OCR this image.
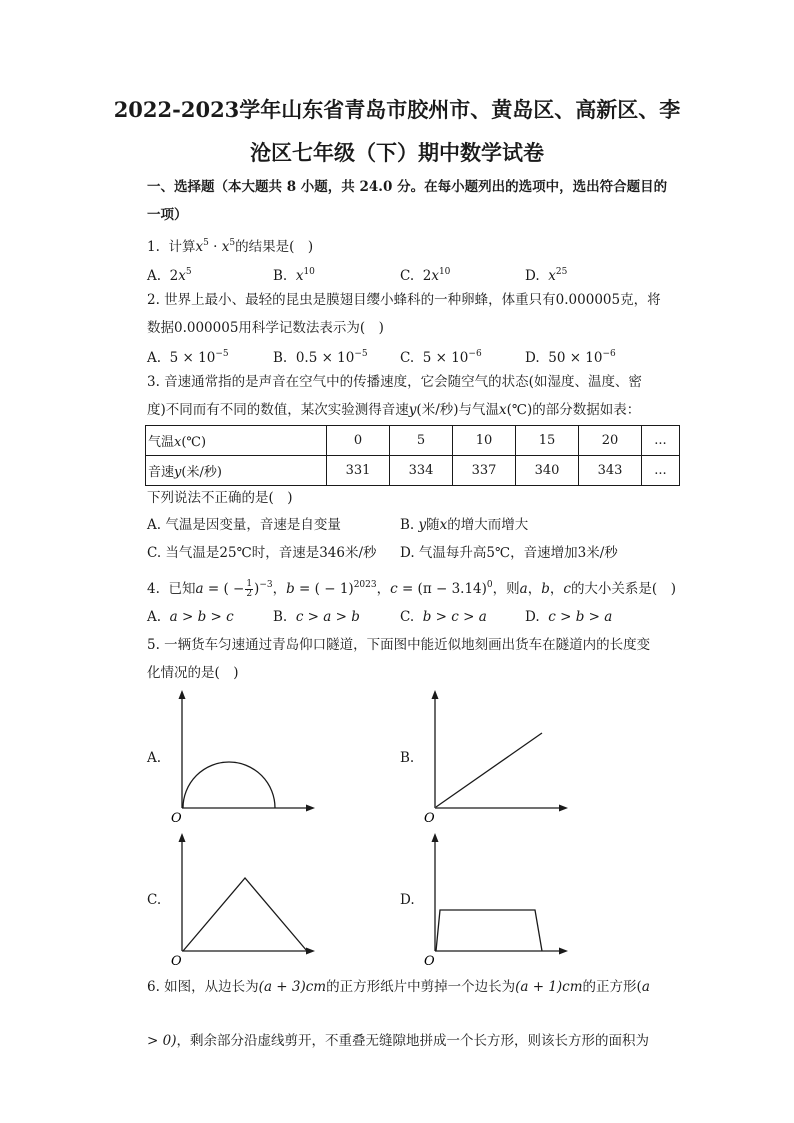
2022-2023学年山东省青岛市胶州市、黄岛区、高新区、李
沧区七年级（下）期中数学试卷
一、选择题（本大题共 8 小题，共 24.0 分。在每小题列出的选项中，选出符合题目的
一项）
1. 计算$x^5 \cdot x^5$的结果是(　)
A. $2x^5$	B. $x^{10}$	C. $2x^{10}$	D. $x^{25}$
2. 世界上最小、最轻的昆虫是膜翅目缨小蜂科的一种卵蜂，体重只有0.000005克，将
数据0.000005用科学记数法表示为(　)
A. $5 \times 10^{-5}$	B. $0.5 \times 10^{-5}$ C. $5 \times 10^{-6}$	D. $50 \times 10^{-6}$
3. 音速通常指的是声音在空气中的传播速度，它会随空气的状态(如湿度、温度、密
度)不同而有不同的数值，某次实验测得音速y(米/秒)与气温x(℃)的部分数据如表：
气温x(℃)	0	5	10	15	20	...
音速y(米/秒)	331	334	337	340	343	...
下列说法不正确的是(　)
A. 气温是因变量，音速是自变量	B. y随x的增大而增大
C. 当气温是25℃时，音速是346米/秒 D. 气温每升高5℃，音速增加3米/秒
4. 已知a = ( − $\frac{1}{2} )^{-3}$，b = ( − 1)$^{2023}$，$c = (\pi - 3.14)^0$，则a，b，c的大小关系是(　)
A. a > b > c	B. c > a > b	C. b > c > a	D. c > b > a
5. 一辆货车匀速通过青岛仰口隧道，下面图中能近似地刻画出货车在隧道内的长度变
化情况的是(　)
A.
O
B.
O
C.
O
D.
O
6. 如图，从边长为(a + 3)cm的正方形纸片中剪掉一个边长为(a + 1)cm的正方形(a
> 0)，剩余部分沿虚线剪开，不重叠无缝隙地拼成一个长方形，则该长方形的面积为
